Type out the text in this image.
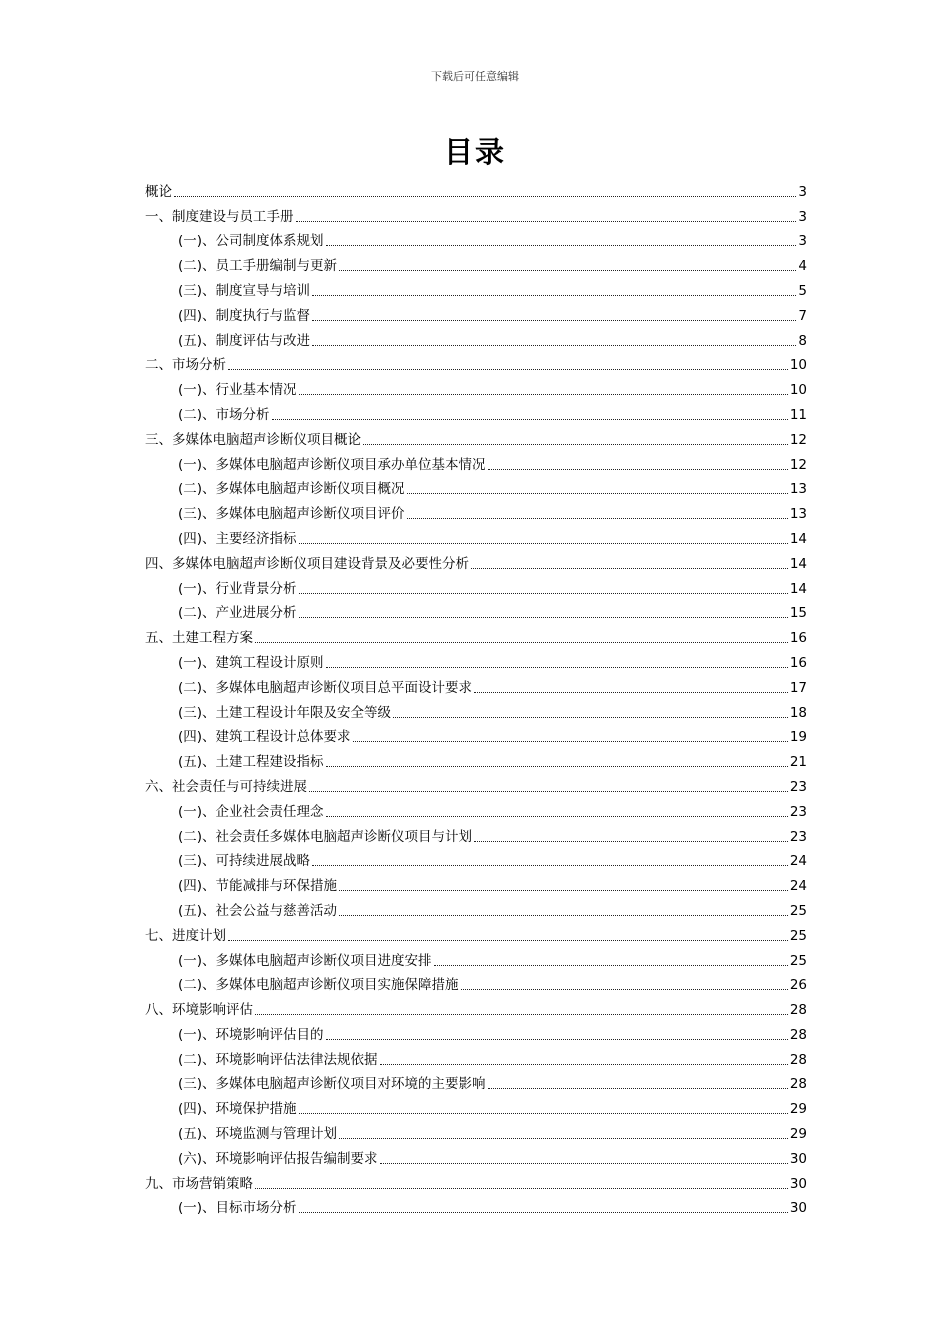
下载后可任意编辑
目录
概论	3
一、制度建设与员工手册	3
(一)、公司制度体系规划	3
(二)、员工手册编制与更新	4
(三)、制度宣导与培训	5
(四)、制度执行与监督	7
(五)、制度评估与改进	8
二、市场分析	10
(一)、行业基本情况	10
(二)、市场分析	11
三、多媒体电脑超声诊断仪项目概论	12
(一)、多媒体电脑超声诊断仪项目承办单位基本情况	12
(二)、多媒体电脑超声诊断仪项目概况	13
(三)、多媒体电脑超声诊断仪项目评价	13
(四)、主要经济指标	14
四、多媒体电脑超声诊断仪项目建设背景及必要性分析	14
(一)、行业背景分析	14
(二)、产业进展分析	15
五、土建工程方案	16
(一)、建筑工程设计原则	16
(二)、多媒体电脑超声诊断仪项目总平面设计要求	17
(三)、土建工程设计年限及安全等级	18
(四)、建筑工程设计总体要求	19
(五)、土建工程建设指标	21
六、社会责任与可持续进展	23
(一)、企业社会责任理念	23
(二)、社会责任多媒体电脑超声诊断仪项目与计划	23
(三)、可持续进展战略	24
(四)、节能减排与环保措施	24
(五)、社会公益与慈善活动	25
七、进度计划	25
(一)、多媒体电脑超声诊断仪项目进度安排	25
(二)、多媒体电脑超声诊断仪项目实施保障措施	26
八、环境影响评估	28
(一)、环境影响评估目的	28
(二)、环境影响评估法律法规依据	28
(三)、多媒体电脑超声诊断仪项目对环境的主要影响	28
(四)、环境保护措施	29
(五)、环境监测与管理计划	29
(六)、环境影响评估报告编制要求	30
九、市场营销策略	30
(一)、目标市场分析	30
